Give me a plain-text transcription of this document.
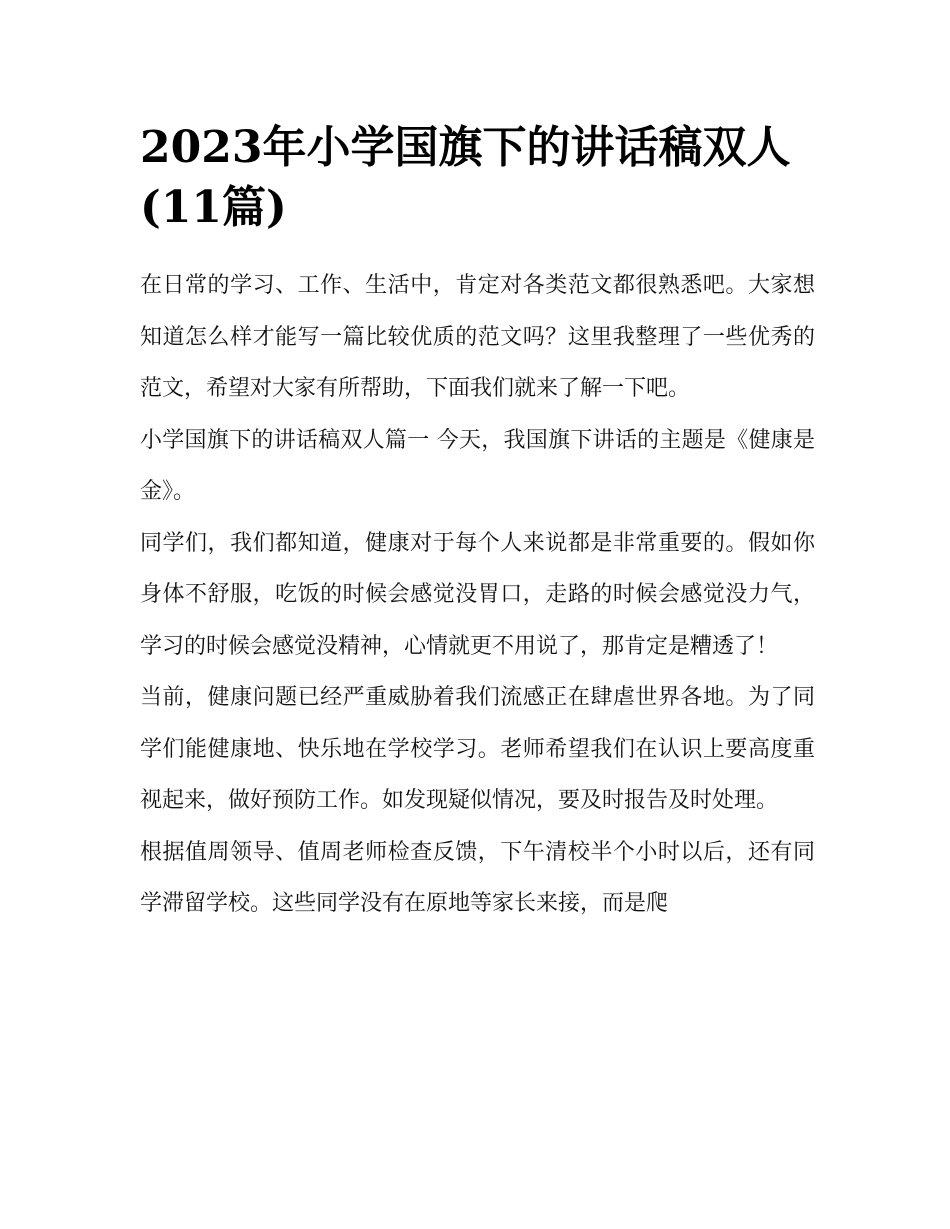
2023年小学国旗下的讲话稿双人(11篇)

在日常的学习、工作、生活中，肯定对各类范文都很熟悉吧。大家想知道怎么样才能写一篇比较优质的范文吗？这里我整理了一些优秀的范文，希望对大家有所帮助，下面我们就来了解一下吧。

小学国旗下的讲话稿双人篇一 今天，我国旗下讲话的主题是《健康是金》。

同学们，我们都知道，健康对于每个人来说都是非常重要的。假如你身体不舒服，吃饭的时候会感觉没胃口，走路的时候会感觉没力气，学习的时候会感觉没精神，心情就更不用说了，那肯定是糟透了！

当前，健康问题已经严重威胁着我们流感正在肆虐世界各地。为了同学们能健康地、快乐地在学校学习。老师希望我们在认识上要高度重视起来，做好预防工作。如发现疑似情况，要及时报告及时处理。

根据值周领导、值周老师检查反馈，下午清校半个小时以后，还有同学滞留学校。这些同学没有在原地等家长来接，而是爬
